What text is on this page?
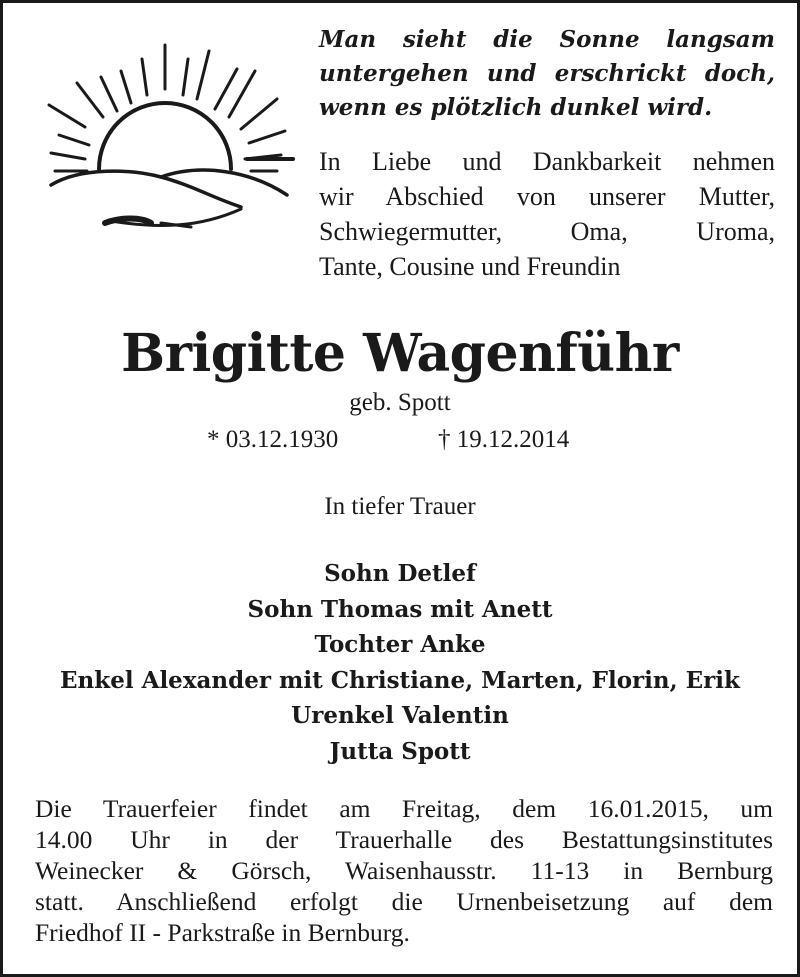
Man sieht die Sonne langsam
untergehen und erschrickt doch,
wenn es plötzlich dunkel wird.

In Liebe und Dankbarkeit nehmen
wir Abschied von unserer Mutter,
Schwiegermutter, Oma, Uroma,
Tante, Cousine und Freundin

Brigitte Wagenführ
geb. Spott
* 03.12.1930	† 19.12.2014
In tiefer Trauer
Sohn Detlef
Sohn Thomas mit Anett
Tochter Anke
Enkel Alexander mit Christiane, Marten, Florin, Erik
Urenkel Valentin
Jutta Spott

Die Trauerfeier findet am Freitag, dem 16.01.2015, um
14.00 Uhr in der Trauerhalle des Bestattungsinstitutes
Weinecker & Görsch, Waisenhausstr. 11-13 in Bernburg
statt. Anschließend erfolgt die Urnenbeisetzung auf dem
Friedhof II - Parkstraße in Bernburg.
